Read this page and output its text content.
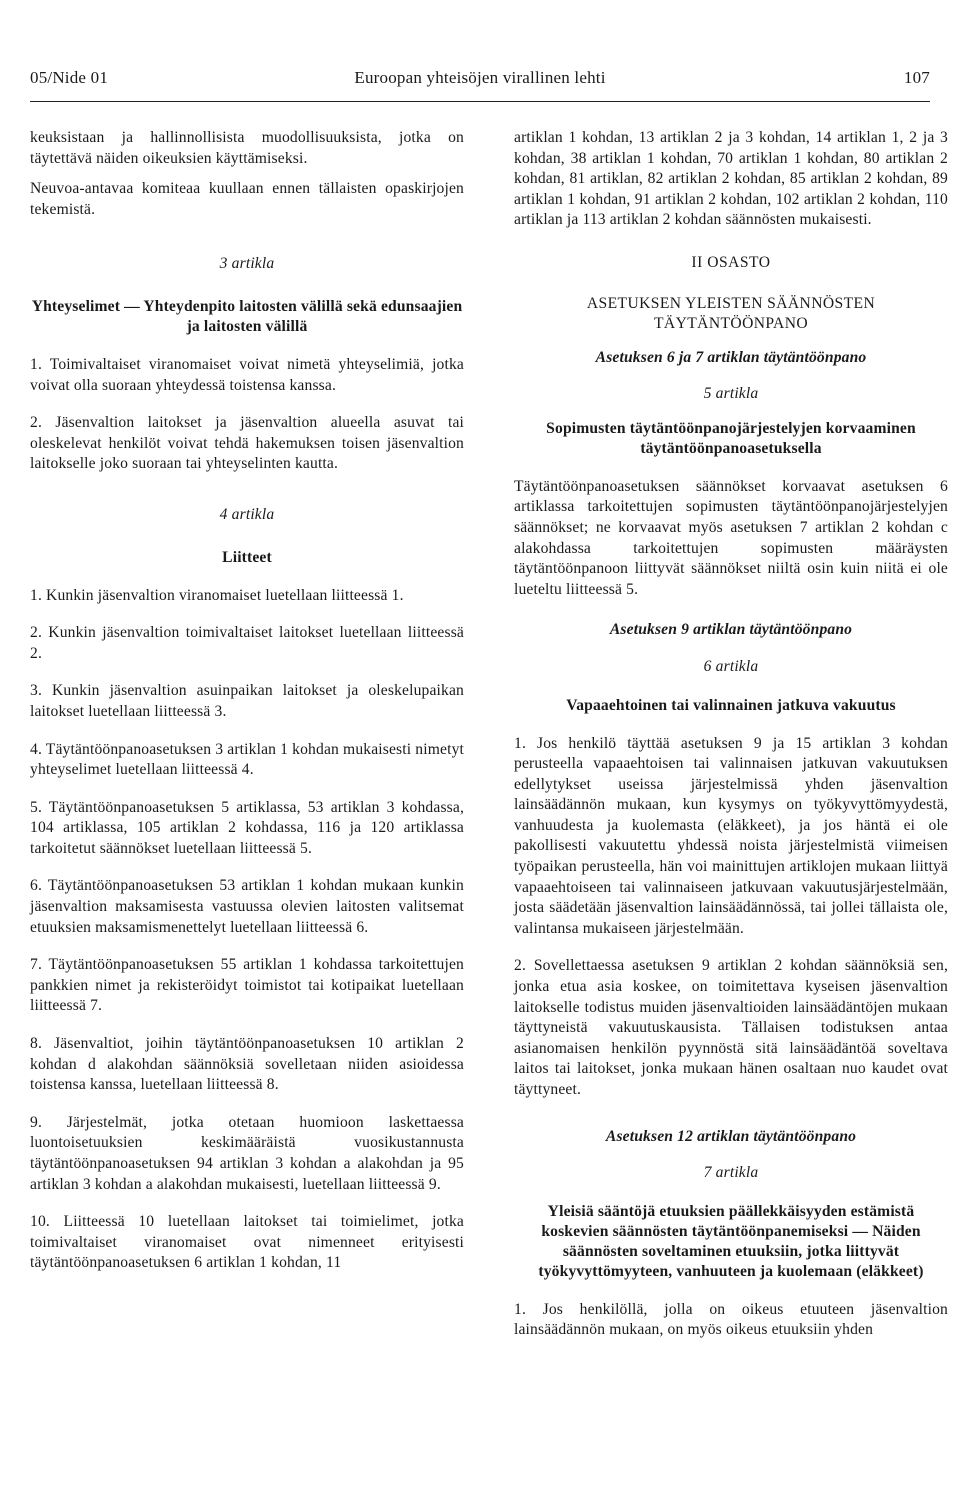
05/Nide 01	Euroopan yhteisöjen virallinen lehti	107

keuksistaan ja hallinnollisista muodollisuuksista, jotka on täytettävä näiden oikeuksien käyttämiseksi.

Neuvoa-antavaa komiteaa kuullaan ennen tällaisten opaskirjojen tekemistä.

3 artikla
Yhteyselimet — Yhteydenpito laitosten välillä sekä edunsaajien ja laitosten välillä

1. Toimivaltaiset viranomaiset voivat nimetä yhteyselimiä, jotka voivat olla suoraan yhteydessä toistensa kanssa.

2. Jäsenvaltion laitokset ja jäsenvaltion alueella asuvat tai oleskelevat henkilöt voivat tehdä hakemuksen toisen jäsenvaltion laitokselle joko suoraan tai yhteyselinten kautta.

4 artikla
Liitteet

1. Kunkin jäsenvaltion viranomaiset luetellaan liitteessä 1.

2. Kunkin jäsenvaltion toimivaltaiset laitokset luetellaan liitteessä 2.

3. Kunkin jäsenvaltion asuinpaikan laitokset ja oleskelupaikan laitokset luetellaan liitteessä 3.

4. Täytäntöönpanoasetuksen 3 artiklan 1 kohdan mukaisesti nimetyt yhteyselimet luetellaan liitteessä 4.

5. Täytäntöönpanoasetuksen 5 artiklassa, 53 artiklan 3 kohdassa, 104 artiklassa, 105 artiklan 2 kohdassa, 116 ja 120 artiklassa tarkoitetut säännökset luetellaan liitteessä 5.

6. Täytäntöönpanoasetuksen 53 artiklan 1 kohdan mukaan kunkin jäsenvaltion maksamisesta vastuussa olevien laitosten valitsemat etuuksien maksamismenettelyt luetellaan liitteessä 6.

7. Täytäntöönpanoasetuksen 55 artiklan 1 kohdassa tarkoitettujen pankkien nimet ja rekisteröidyt toimistot tai kotipaikat luetellaan liitteessä 7.

8. Jäsenvaltiot, joihin täytäntöönpanoasetuksen 10 artiklan 2 kohdan d alakohdan säännöksiä sovelletaan niiden asioidessa toistensa kanssa, luetellaan liitteessä 8.

9. Järjestelmät, jotka otetaan huomioon laskettaessa luontoisetuuksien keskimääräistä vuosikustannusta täytäntöönpanoasetuksen 94 artiklan 3 kohdan a alakohdan ja 95 artiklan 3 kohdan a alakohdan mukaisesti, luetellaan liitteessä 9.

10. Liitteessä 10 luetellaan laitokset tai toimielimet, jotka toimivaltaiset viranomaiset ovat nimenneet erityisesti täytäntöönpanoasetuksen 6 artiklan 1 kohdan, 11

artiklan 1 kohdan, 13 artiklan 2 ja 3 kohdan, 14 artiklan 1, 2 ja 3 kohdan, 38 artiklan 1 kohdan, 70 artiklan 1 kohdan, 80 artiklan 2 kohdan, 81 artiklan, 82 artiklan 2 kohdan, 85 artiklan 2 kohdan, 89 artiklan 1 kohdan, 91 artiklan 2 kohdan, 102 artiklan 2 kohdan, 110 artiklan ja 113 artiklan 2 kohdan säännösten mukaisesti.

II OSASTO
ASETUKSEN YLEISTEN SÄÄNNÖSTEN
TÄYTÄNTÖÖNPANO
Asetuksen 6 ja 7 artiklan täytäntöönpano
5 artikla
Sopimusten täytäntöönpanojärjestelyjen korvaaminen täytäntöönpanoasetuksella

Täytäntöönpanoasetuksen säännökset korvaavat asetuksen 6 artiklassa tarkoitettujen sopimusten täytäntöönpanojärjestelyjen säännökset; ne korvaavat myös asetuksen 7 artiklan 2 kohdan c alakohdassa tarkoitettujen sopimusten määräysten täytäntöönpanoon liittyvät säännökset niiltä osin kuin niitä ei ole lueteltu liitteessä 5.

Asetuksen 9 artiklan täytäntöönpano
6 artikla
Vapaaehtoinen tai valinnainen jatkuva vakuutus

1. Jos henkilö täyttää asetuksen 9 ja 15 artiklan 3 kohdan perusteella vapaaehtoisen tai valinnaisen jatkuvan vakuutuksen edellytykset useissa järjestelmissä yhden jäsenvaltion lainsäädännön mukaan, kun kysymys on työkyvyttömyydestä, vanhuudesta ja kuolemasta (eläkkeet), ja jos häntä ei ole pakollisesti vakuutettu yhdessä noista järjestelmistä viimeisen työpaikan perusteella, hän voi mainittujen artiklojen mukaan liittyä vapaaehtoiseen tai valinnaiseen jatkuvaan vakuutusjärjestelmään, josta säädetään jäsenvaltion lainsäädännössä, tai jollei tällaista ole, valintansa mukaiseen järjestelmään.

2. Sovellettaessa asetuksen 9 artiklan 2 kohdan säännöksiä sen, jonka etua asia koskee, on toimitettava kyseisen jäsenvaltion laitokselle todistus muiden jäsenvaltioiden lainsäädäntöjen mukaan täyttyneistä vakuutuskausista. Tällaisen todistuksen antaa asianomaisen henkilön pyynnöstä sitä lainsäädäntöä soveltava laitos tai laitokset, jonka mukaan hänen osaltaan nuo kaudet ovat täyttyneet.

Asetuksen 12 artiklan täytäntöönpano
7 artikla
Yleisiä sääntöjä etuuksien päällekkäisyyden estämistä koskevien säännösten täytäntöönpanemiseksi — Näiden säännösten soveltaminen etuuksiin, jotka liittyvät työkyvyttömyyteen, vanhuuteen ja kuolemaan (eläkkeet)

1. Jos henkilöllä, jolla on oikeus etuuteen jäsenvaltion lainsäädännön mukaan, on myös oikeus etuuksiin yhden
